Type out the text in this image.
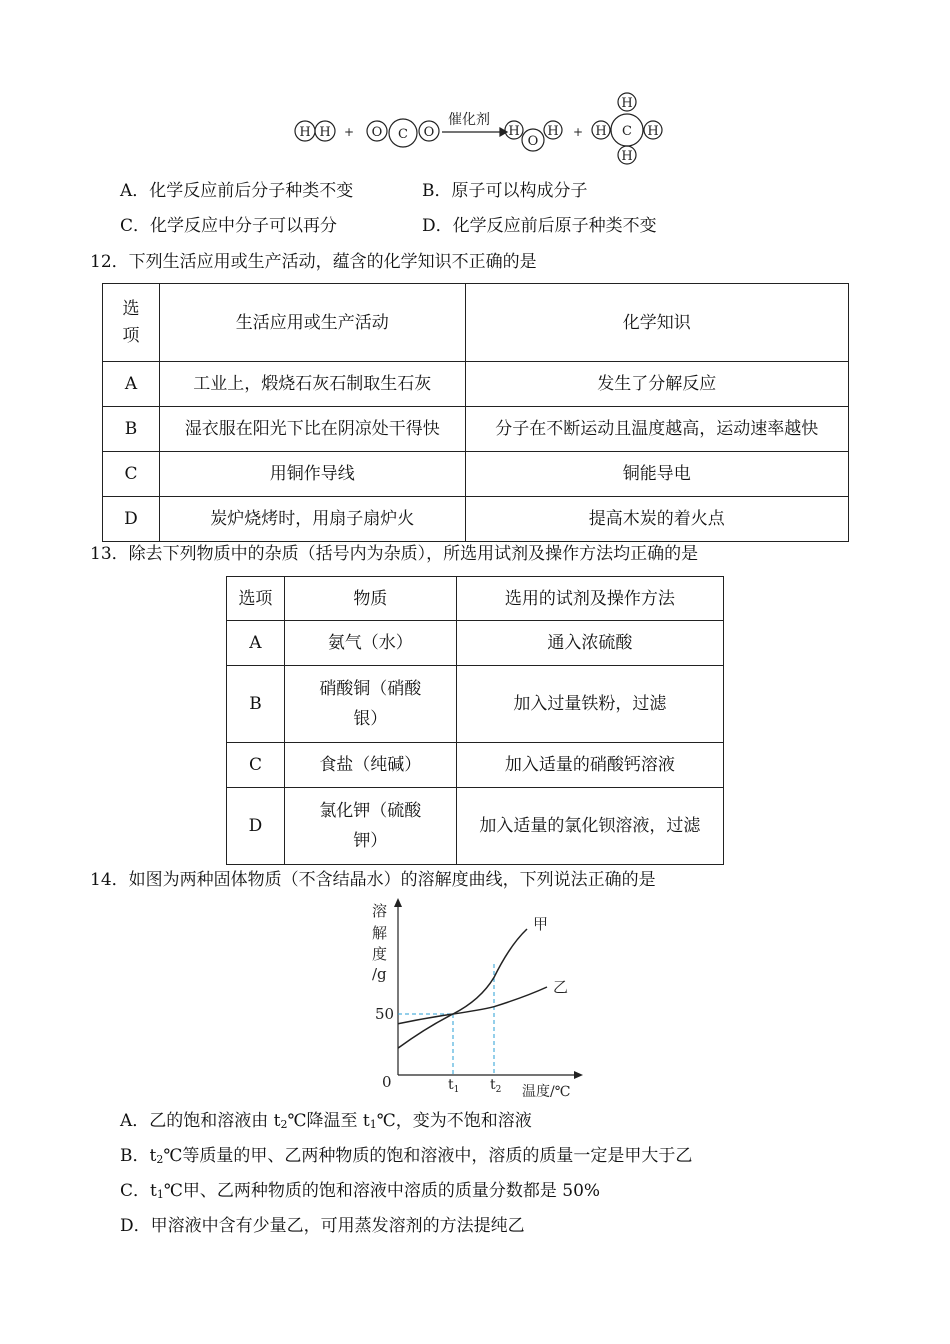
H H + O C O
催化剂
H
O
H +
H
H C H
H
A．化学反应前后分子种类不变	B．原子可以构成分子
C．化学反应中分子可以再分	D．化学反应前后原子种类不变
12．下列生活应用或生产活动，蕴含的化学知识不正确的是
选项	生活应用或生产活动	化学知识
A	工业上，煅烧石灰石制取生石灰	发生了分解反应
B	湿衣服在阳光下比在阴凉处干得快	分子在不断运动且温度越高，运动速率越快
C	用铜作导线	铜能导电
D	炭炉烧烤时，用扇子扇炉火	提高木炭的着火点
13．除去下列物质中的杂质（括号内为杂质），所选用试剂及操作方法均正确的是
选项	物质	选用的试剂及操作方法
A	氨气（水）	通入浓硫酸
B	硝酸铜（硝酸银）	加入过量铁粉，过滤
C	食盐（纯碱）	加入适量的硝酸钙溶液
D	氯化钾（硫酸钾）	加入适量的氯化钡溶液，过滤
14．如图为两种固体物质（不含结晶水）的溶解度曲线，下列说法正确的是
溶
解
度
/g
50
0
温度/℃
$t_1$ $t_2$
甲
乙
A．乙的饱和溶液由 t2℃降温至 t1℃，变为不饱和溶液
B．t2℃等质量的甲、乙两种物质的饱和溶液中，溶质的质量一定是甲大于乙
C．t1℃甲、乙两种物质的饱和溶液中溶质的质量分数都是 50%
D．甲溶液中含有少量乙，可用蒸发溶剂的方法提纯乙
